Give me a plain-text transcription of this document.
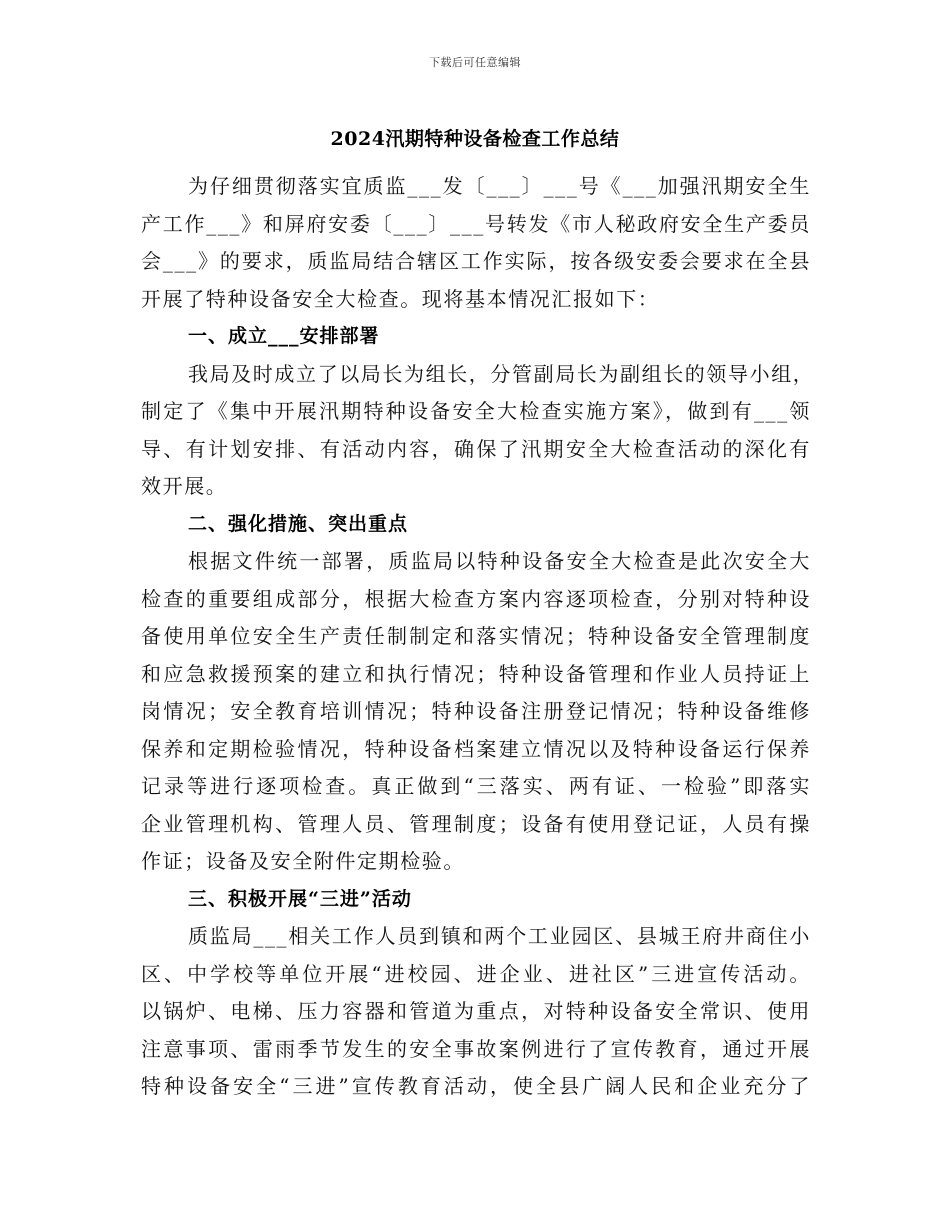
下载后可任意编辑
2024汛期特种设备检查工作总结
为仔细贯彻落实宜质监___发〔___〕___号《___加强汛期安全生
产工作___》和屏府安委〔___〕___号转发《市人秘政府安全生产委员
会___》的要求，质监局结合辖区工作实际，按各级安委会要求在全县
开展了特种设备安全大检查。现将基本情况汇报如下：
一、成立___安排部署
我局及时成立了以局长为组长，分管副局长为副组长的领导小组，
制定了《集中开展汛期特种设备安全大检查实施方案》，做到有___领
导、有计划安排、有活动内容，确保了汛期安全大检查活动的深化有
效开展。
二、强化措施、突出重点
根据文件统一部署，质监局以特种设备安全大检查是此次安全大
检查的重要组成部分，根据大检查方案内容逐项检查，分别对特种设
备使用单位安全生产责任制制定和落实情况；特种设备安全管理制度
和应急救援预案的建立和执行情况；特种设备管理和作业人员持证上
岗情况；安全教育培训情况；特种设备注册登记情况；特种设备维修
保养和定期检验情况，特种设备档案建立情况以及特种设备运行保养
记录等进行逐项检查。真正做到“三落实、两有证、一检验”即落实
企业管理机构、管理人员、管理制度；设备有使用登记证，人员有操
作证；设备及安全附件定期检验。
三、积极开展“三进”活动
质监局___相关工作人员到镇和两个工业园区、县城王府井商住小
区、中学校等单位开展“进校园、进企业、进社区”三进宣传活动。
以锅炉、电梯、压力容器和管道为重点，对特种设备安全常识、使用
注意事项、雷雨季节发生的安全事故案例进行了宣传教育，通过开展
特种设备安全“三进”宣传教育活动，使全县广阔人民和企业充分了
